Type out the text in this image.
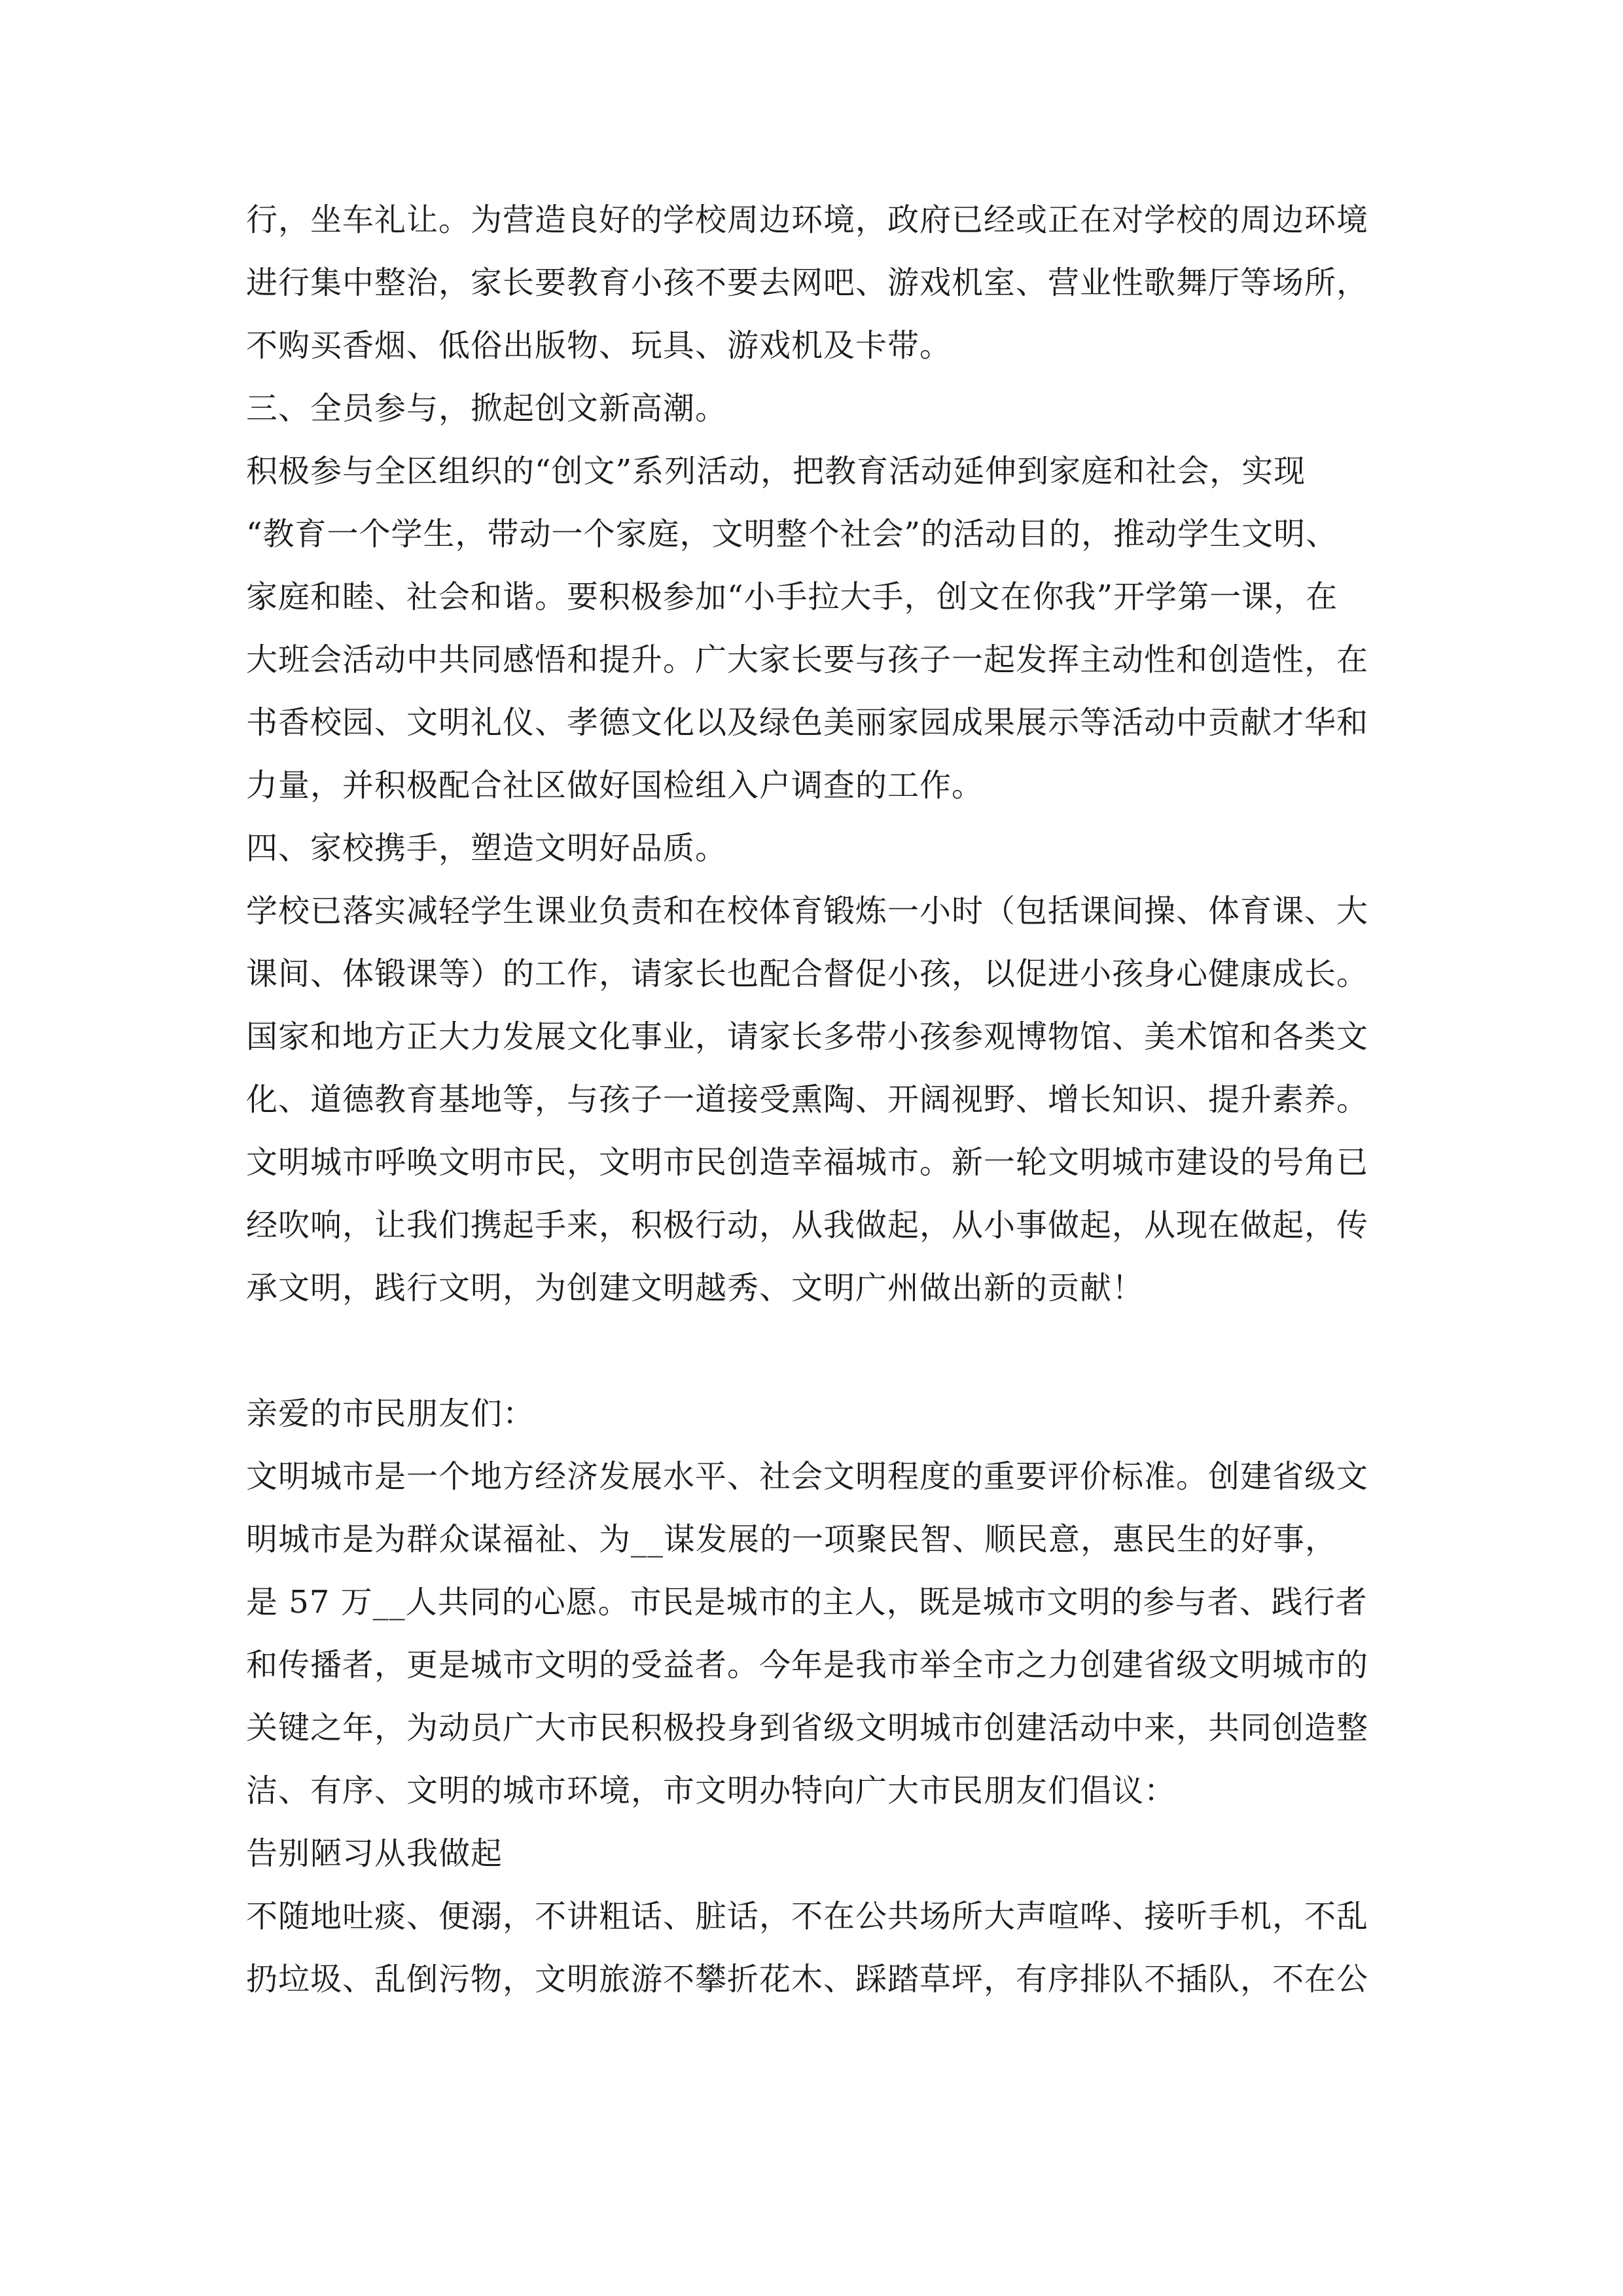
行，坐车礼让。为营造良好的学校周边环境，政府已经或正在对学校的周边环境
进行集中整治，家长要教育小孩不要去网吧、游戏机室、营业性歌舞厅等场所，
不购买香烟、低俗出版物、玩具、游戏机及卡带。
三、全员参与，掀起创文新高潮。
积极参与全区组织的“创文”系列活动，把教育活动延伸到家庭和社会，实现
“教育一个学生，带动一个家庭，文明整个社会”的活动目的，推动学生文明、
家庭和睦、社会和谐。要积极参加“小手拉大手，创文在你我”开学第一课，在
大班会活动中共同感悟和提升。广大家长要与孩子一起发挥主动性和创造性，在
书香校园、文明礼仪、孝德文化以及绿色美丽家园成果展示等活动中贡献才华和
力量，并积极配合社区做好国检组入户调查的工作。
四、家校携手，塑造文明好品质。
学校已落实减轻学生课业负责和在校体育锻炼一小时（包括课间操、体育课、大
课间、体锻课等）的工作，请家长也配合督促小孩，以促进小孩身心健康成长。
国家和地方正大力发展文化事业，请家长多带小孩参观博物馆、美术馆和各类文
化、道德教育基地等，与孩子一道接受熏陶、开阔视野、增长知识、提升素养。
文明城市呼唤文明市民，文明市民创造幸福城市。新一轮文明城市建设的号角已
经吹响，让我们携起手来，积极行动，从我做起，从小事做起，从现在做起，传
承文明，践行文明，为创建文明越秀、文明广州做出新的贡献！
亲爱的市民朋友们：
文明城市是一个地方经济发展水平、社会文明程度的重要评价标准。创建省级文
明城市是为群众谋福祉、为__谋发展的一项聚民智、顺民意，惠民生的好事，
是 57 万__人共同的心愿。市民是城市的主人，既是城市文明的参与者、践行者
和传播者，更是城市文明的受益者。今年是我市举全市之力创建省级文明城市的
关键之年，为动员广大市民积极投身到省级文明城市创建活动中来，共同创造整
洁、有序、文明的城市环境，市文明办特向广大市民朋友们倡议：
告别陋习从我做起
不随地吐痰、便溺，不讲粗话、脏话，不在公共场所大声喧哗、接听手机，不乱
扔垃圾、乱倒污物，文明旅游不攀折花木、踩踏草坪，有序排队不插队，不在公
